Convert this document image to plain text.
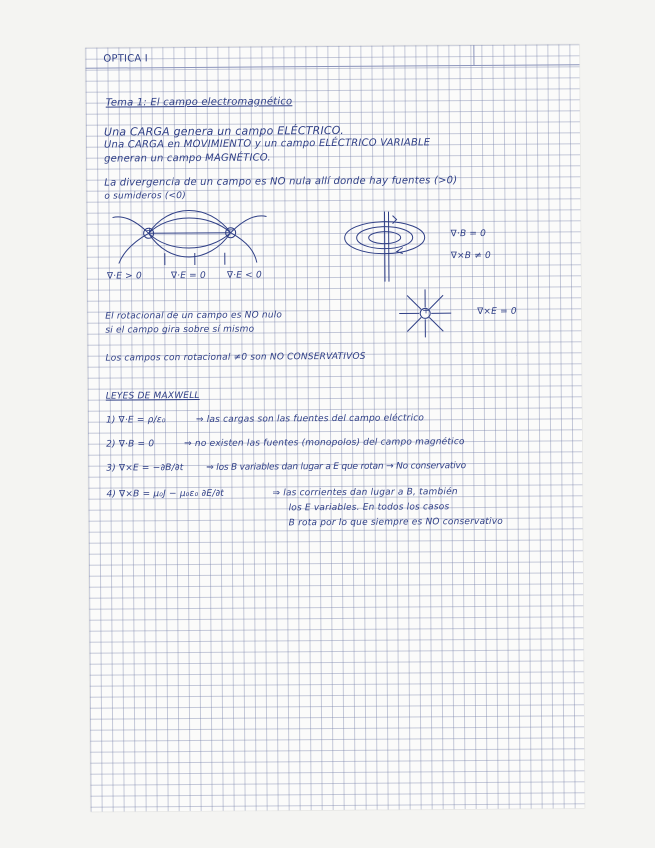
OPTICA I
Tema 1: El campo electromagnético
Una CARGA genera un campo ELÉCTRICO.
Una CARGA en MOVIMIENTO y un campo ELÉCTRICO VARIABLE
generan un campo MAGNÉTICO.
La divergencia de un campo es NO nula allí donde hay fuentes (>0)
o sumideros (<0)
+	−
∇·E > 0	∇·E = 0 ∇·E < 0
∇·B = 0
∇×B ≠ 0
El rotacional de un campo es NO nulo
si el campo gira sobre sí mismo
+	∇×E = 0
Los campos con rotacional ≠0 son NO CONSERVATIVOS
LEYES DE MAXWELL
1) ∇·E = ρ/ε₀	⇒ las cargas son las fuentes del campo eléctrico
2) ∇·B = 0	⇒ no existen las fuentes (monopolos) del campo magnético
3) ∇×E = −∂B/∂t	⇒ los B variables dan lugar a E que rotan → No conservativo
4) ∇×B = μ₀J − μ₀ε₀ ∂E/∂t	⇒ las corrientes dan lugar a B, también
los E variables. En todos los casos
B rota por lo que siempre es NO conservativo
